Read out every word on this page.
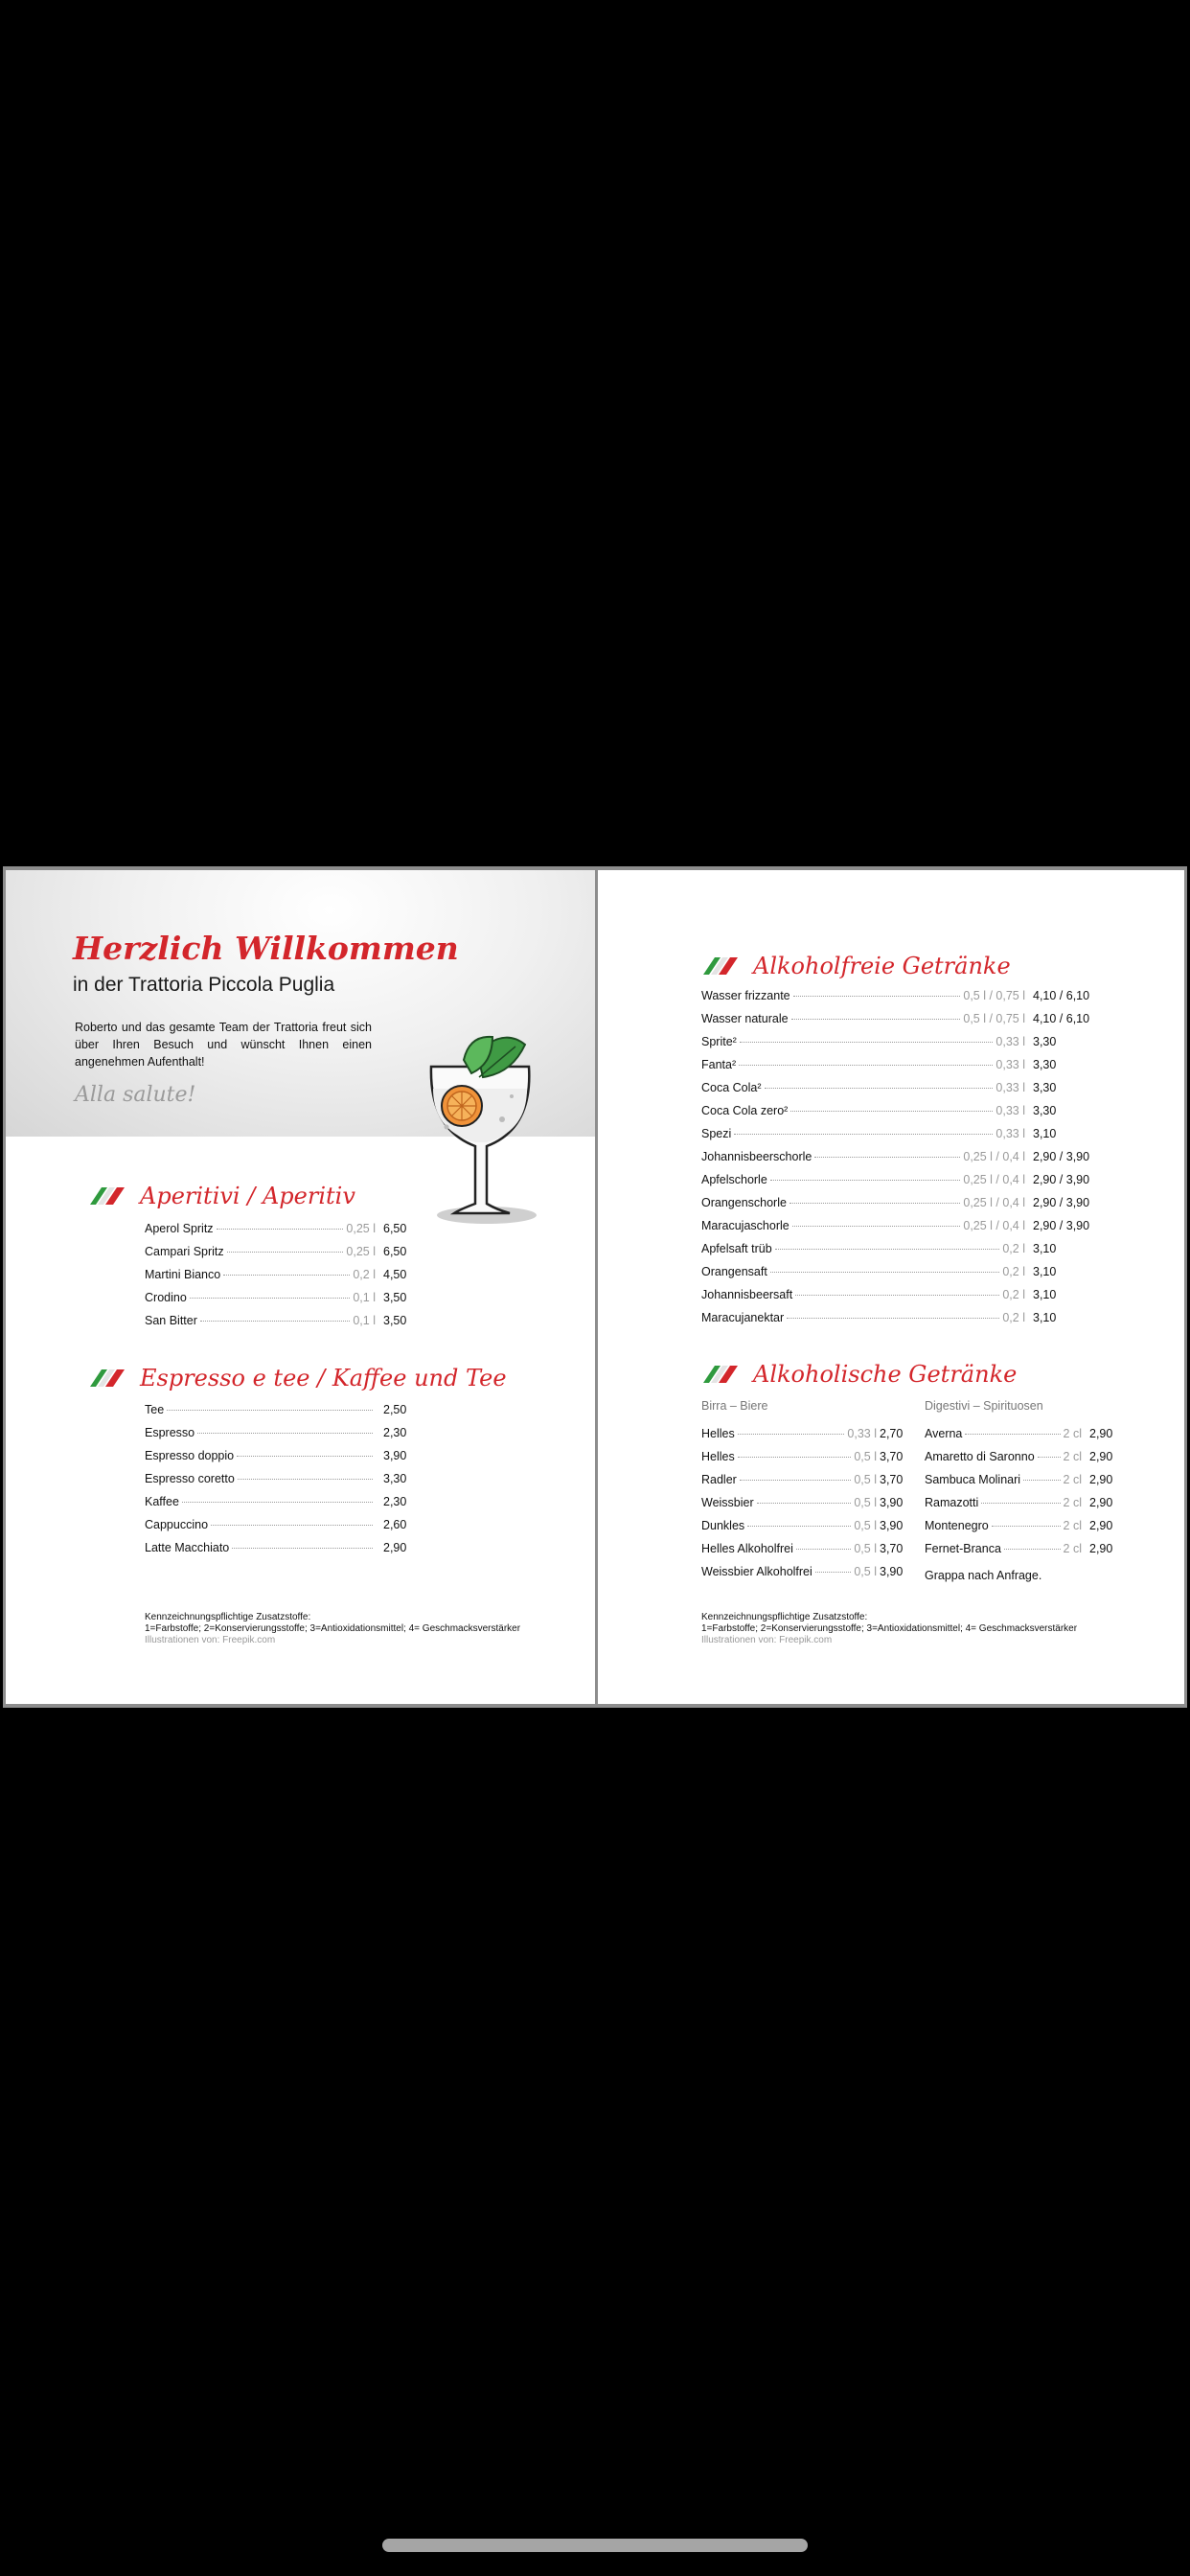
Herzlich Willkommen
in der Trattoria Piccola Puglia
Roberto und das gesamte Team der Trattoria freut sich über Ihren Besuch und wünscht Ihnen einen angenehmen Aufenthalt!
Alla salute!
Aperitivi / Aperitiv
Aperol Spritz	0,25 l 6,50
Campari Spritz	0,25 l 6,50
Martini Bianco	0,2 l 4,50
Crodino	0,1 l 3,50
San Bitter	0,1 l 3,50
Espresso e tee / Kaffee und Tee
Tee	2,50
Espresso	2,30
Espresso doppio	3,90
Espresso coretto	3,30
Kaffee	2,30
Cappuccino	2,60
Latte Macchiato	2,90
Kennzeichnungspflichtige Zusatzstoffe:
1=Farbstoffe; 2=Konservierungsstoffe; 3=Antioxidationsmittel; 4= Geschmacksverstärker
Illustrationen von: Freepik.com
Alkoholfreie Getränke
Wasser frizzante	0,5 l / 0,75 l 4,10 / 6,10
Wasser naturale	0,5 l / 0,75 l 4,10 / 6,10
Sprite²	0,33 l 3,30
Fanta²	0,33 l 3,30
Coca Cola²	0,33 l 3,30
Coca Cola zero²	0,33 l 3,30
Spezi	0,33 l 3,10
Johannisbeerschorle	0,25 l / 0,4 l 2,90 / 3,90
Apfelschorle	0,25 l / 0,4 l 2,90 / 3,90
Orangenschorle	0,25 l / 0,4 l 2,90 / 3,90
Maracujaschorle	0,25 l / 0,4 l 2,90 / 3,90
Apfelsaft trüb	0,2 l 3,10
Orangensaft	0,2 l 3,10
Johannisbeersaft	0,2 l 3,10
Maracujanektar	0,2 l 3,10
Alkoholische Getränke
Birra – Biere	Digestivi – Spirituosen
Helles	0,33 l 2,70
Helles	0,5 l 3,70
Radler	0,5 l 3,70
Weissbier	0,5 l 3,90
Dunkles	0,5 l 3,90
Helles Alkoholfrei	0,5 l 3,70
Weissbier Alkoholfrei	0,5 l 3,90
Averna	2 cl 2,90
Amaretto di Saronno 2 cl 2,90
Sambuca Molinari	2 cl 2,90
Ramazotti	2 cl 2,90
Montenegro	2 cl 2,90
Fernet-Branca	2 cl 2,90
Grappa nach Anfrage.
Kennzeichnungspflichtige Zusatzstoffe:
1=Farbstoffe; 2=Konservierungsstoffe; 3=Antioxidationsmittel; 4= Geschmacksverstärker
Illustrationen von: Freepik.com
